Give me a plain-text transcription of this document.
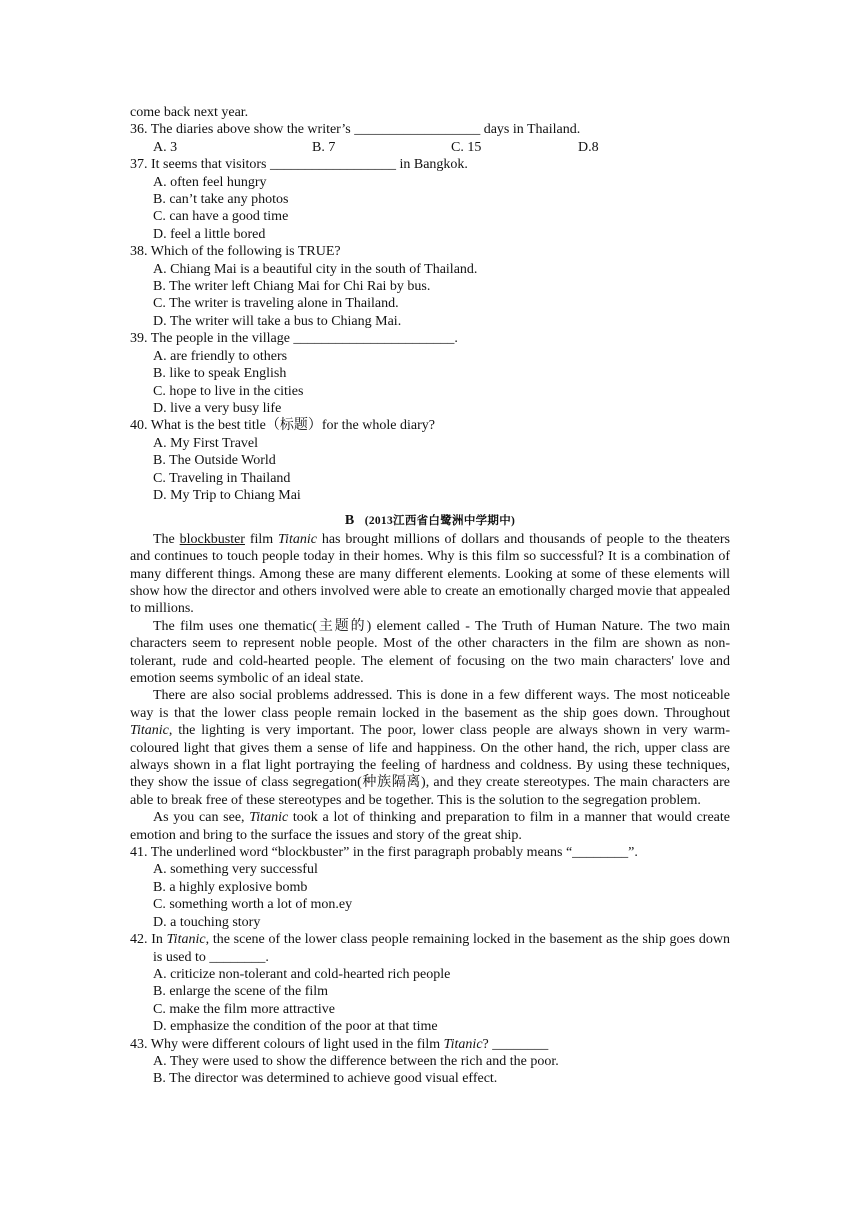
come back next year.
36. The diaries above show the writer’s __________________ days in Thailand.
A. 3	B. 7	C. 15	D.8
37. It seems that visitors __________________ in Bangkok.
A. often feel hungry
B. can’t take any photos
C. can have a good time
D. feel a little bored
38. Which of the following is TRUE?
A. Chiang Mai is a beautiful city in the south of Thailand.
B. The writer left Chiang Mai for Chi Rai by bus.
C. The writer is traveling alone in Thailand.
D. The writer will take a bus to Chiang Mai.
39. The people in the village _______________________.
A. are friendly to others
B. like to speak English
C. hope to live in the cities
D. live a very busy life
40. What is the best title（标题）for the whole diary?
A. My First Travel
B. The Outside World
C. Traveling in Thailand
D. My Trip to Chiang Mai
B (2013江西省白鹭洲中学期中)
The blockbuster film Titanic has brought millions of dollars and thousands of people to the theaters and continues to touch people today in their homes. Why is this film so successful? It is a combination of many different things. Among these are many different elements. Looking at some of these elements will show how the director and others involved were able to create an emotionally charged movie that appealed to millions.
The film uses one thematic(主题的) element called - The Truth of Human Nature. The two main characters seem to represent noble people. Most of the other characters in the film are shown as non-tolerant, rude and cold-hearted people. The element of focusing on the two main characters' love and emotion seems symbolic of an ideal state.
There are also social problems addressed. This is done in a few different ways. The most noticeable way is that the lower class people remain locked in the basement as the ship goes down. Throughout Titanic, the lighting is very important. The poor, lower class people are always shown in very warm-coloured light that gives them a sense of life and happiness. On the other hand, the rich, upper class are always shown in a flat light portraying the feeling of hardness and coldness. By using these techniques, they show the issue of class segregation(种族隔离), and they create stereotypes. The main characters are able to break free of these stereotypes and be together. This is the solution to the segregation problem.
As you can see, Titanic took a lot of thinking and preparation to film in a manner that would create emotion and bring to the surface the issues and story of the great ship.
41. The underlined word “blockbuster” in the first paragraph probably means “________”.
A. something very successful
B. a highly explosive bomb
C. something worth a lot of mon.ey
D. a touching story
42. In Titanic, the scene of the lower class people remaining locked in the basement as the ship goes down is used to ________.
A. criticize non-tolerant and cold-hearted rich people
B. enlarge the scene of the film
C. make the film more attractive
D. emphasize the condition of the poor at that time
43. Why were different colours of light used in the film Titanic? ________
A. They were used to show the difference between the rich and the poor.
B. The director was determined to achieve good visual effect.
